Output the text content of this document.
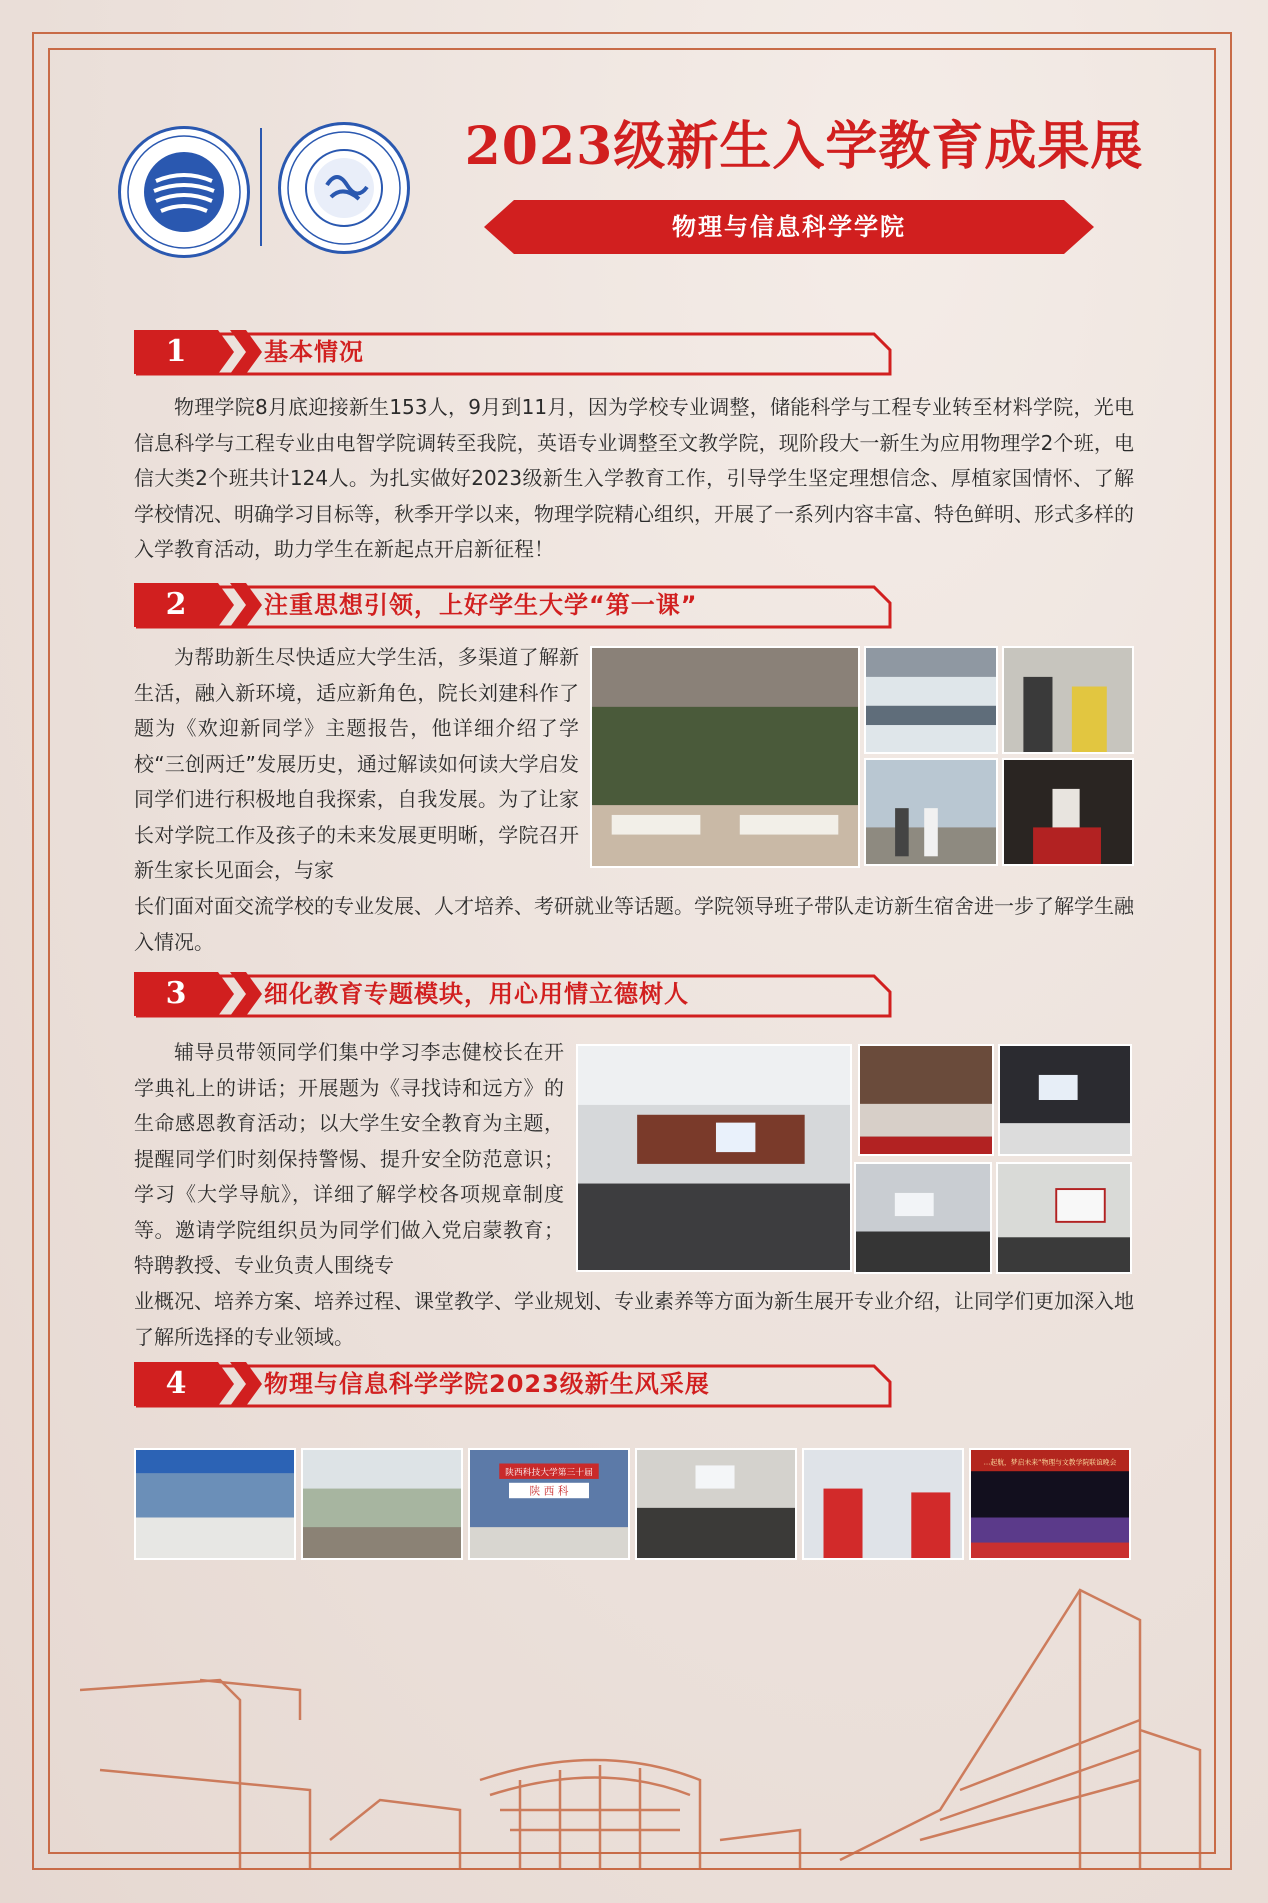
2023级新生入学教育成果展
物理与信息科学学院
1	基本情况

物理学院8月底迎接新生153人，9月到11月，因为学校专业调整，储能科学与工程专业转至材料学院，光电信息科学与工程专业由电智学院调转至我院，英语专业调整至文教学院，现阶段大一新生为应用物理学2个班，电信大类2个班共计124人。为扎实做好2023级新生入学教育工作，引导学生坚定理想信念、厚植家国情怀、了解学校情况、明确学习目标等，秋季开学以来，物理学院精心组织，开展了一系列内容丰富、特色鲜明、形式多样的入学教育活动，助力学生在新起点开启新征程！

2	注重思想引领，上好学生大学“第一课”

为帮助新生尽快适应大学生活，多渠道了解新生活，融入新环境，适应新角色，院长刘建科作了题为《欢迎新同学》主题报告，他详细介绍了学校“三创两迁”发展历史，通过解读如何读大学启发同学们进行积极地自我探索，自我发展。为了让家长对学院工作及孩子的未来发展更明晰，学院召开新生家长见面会，与家

长们面对面交流学校的专业发展、人才培养、考研就业等话题。学院领导班子带队走访新生宿舍进一步了解学生融入情况。

3	细化教育专题模块，用心用情立德树人

辅导员带领同学们集中学习李志健校长在开学典礼上的讲话；开展题为《寻找诗和远方》的生命感恩教育活动；以大学生安全教育为主题，提醒同学们时刻保持警惕、提升安全防范意识；学习《大学导航》，详细了解学校各项规章制度等。邀请学院组织员为同学们做入党启蒙教育；特聘教授、专业负责人围绕专

业概况、培养方案、培养过程、课堂教学、学业规划、专业素养等方面为新生展开专业介绍，让同学们更加深入地了解所选择的专业领域。

4	物理与信息科学学院2023级新生风采展
陕西科技大学第三十届
陕 西 科
…起航，梦启未来”物理与文教学院联谊晚会
